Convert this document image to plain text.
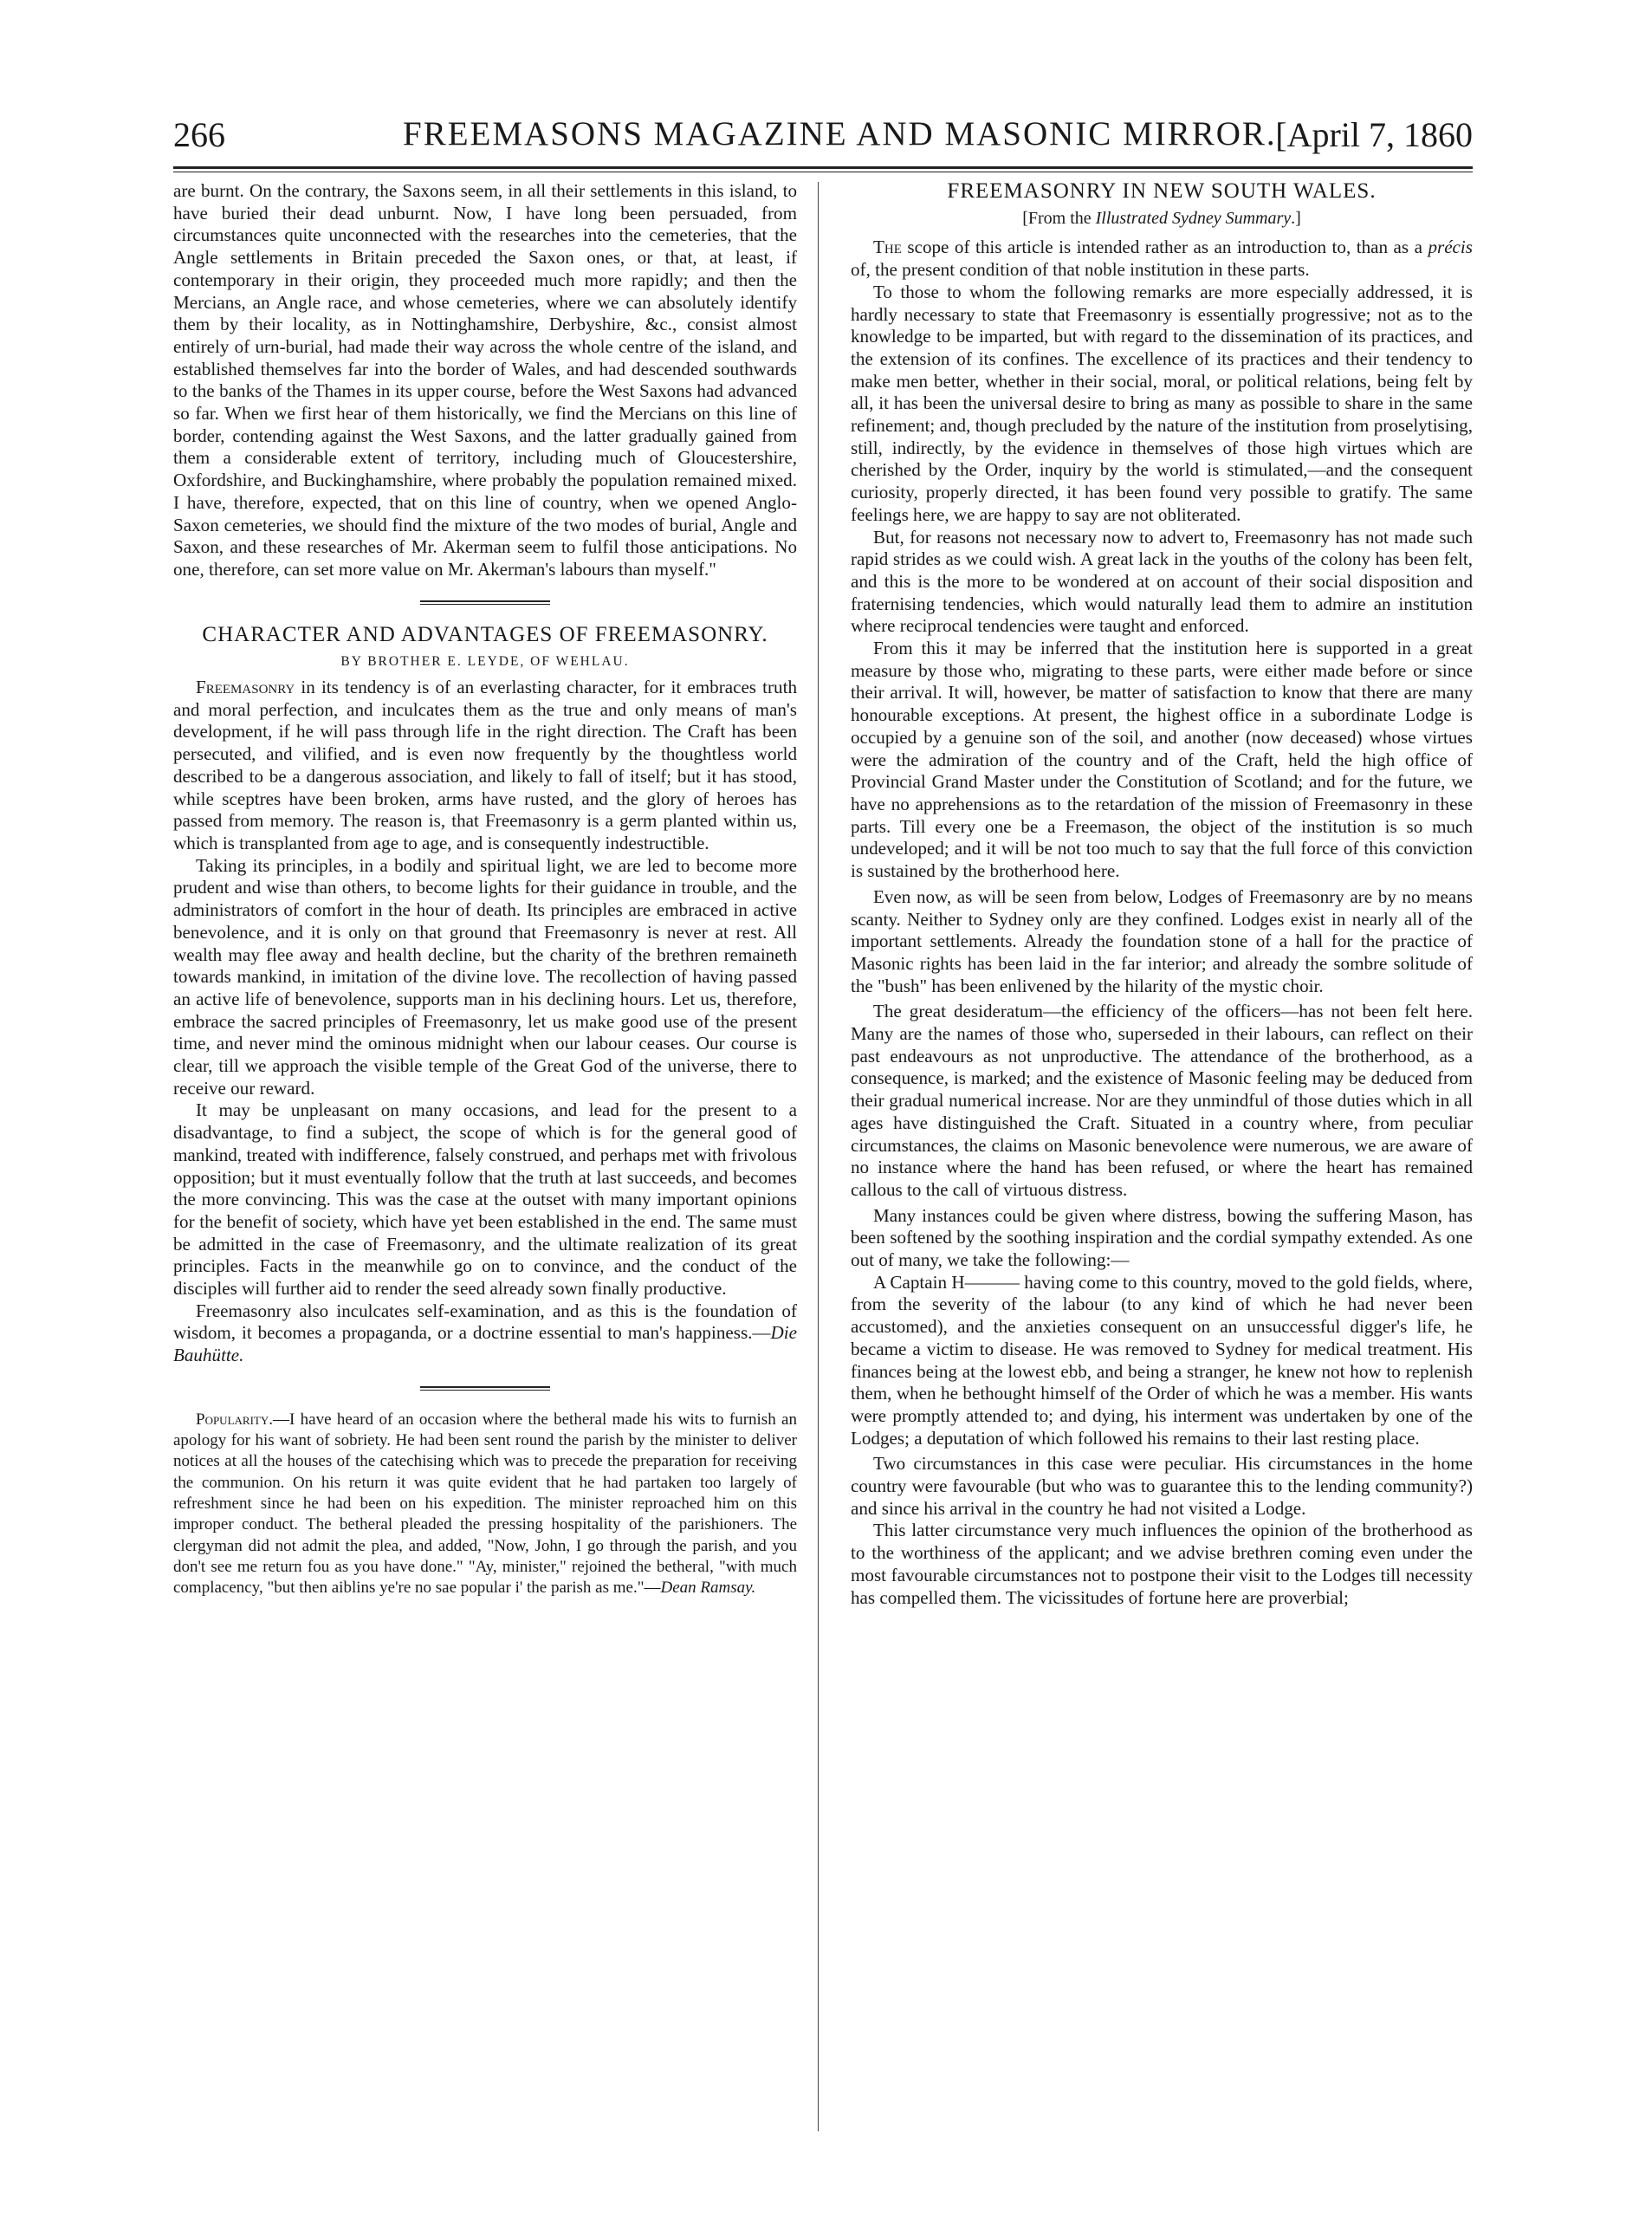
266	FREEMASONS MAGAZINE AND MASONIC MIRROR.
[April 7, 1860

are burnt. On the contrary, the Saxons seem, in all their settlements in this island, to have buried their dead unburnt. Now, I have long been persuaded, from circumstances quite unconnected with the researches into the cemeteries, that the Angle settlements in Britain preceded the Saxon ones, or that, at least, if contemporary in their origin, they proceeded much more rapidly; and then the Mercians, an Angle race, and whose cemeteries, where we can absolutely identify them by their locality, as in Nottinghamshire, Derbyshire, &c., consist almost entirely of urn-burial, had made their way across the whole centre of the island, and established themselves far into the border of Wales, and had descended southwards to the banks of the Thames in its upper course, before the West Saxons had advanced so far. When we first hear of them historically, we find the Mercians on this line of border, contending against the West Saxons, and the latter gradually gained from them a considerable extent of territory, including much of Gloucestershire, Oxfordshire, and Buckinghamshire, where probably the population remained mixed. I have, therefore, expected, that on this line of country, when we opened Anglo-Saxon cemeteries, we should find the mixture of the two modes of burial, Angle and Saxon, and these researches of Mr. Akerman seem to fulfil those anticipations. No one, therefore, can set more value on Mr. Akerman's labours than myself."

CHARACTER AND ADVANTAGES OF FREEMASONRY.
BY BROTHER E. LEYDE, OF WEHLAU.

Freemasonry in its tendency is of an everlasting character, for it embraces truth and moral perfection, and inculcates them as the true and only means of man's development, if he will pass through life in the right direction. The Craft has been persecuted, and vilified, and is even now frequently by the thoughtless world described to be a dangerous association, and likely to fall of itself; but it has stood, while sceptres have been broken, arms have rusted, and the glory of heroes has passed from memory. The reason is, that Freemasonry is a germ planted within us, which is transplanted from age to age, and is consequently indestructible.

Taking its principles, in a bodily and spiritual light, we are led to become more prudent and wise than others, to become lights for their guidance in trouble, and the administrators of comfort in the hour of death. Its principles are embraced in active benevolence, and it is only on that ground that Freemasonry is never at rest. All wealth may flee away and health decline, but the charity of the brethren remaineth towards mankind, in imitation of the divine love. The recollection of having passed an active life of benevolence, supports man in his declining hours. Let us, therefore, embrace the sacred principles of Freemasonry, let us make good use of the present time, and never mind the ominous midnight when our labour ceases. Our course is clear, till we approach the visible temple of the Great God of the universe, there to receive our reward.

It may be unpleasant on many occasions, and lead for the present to a disadvantage, to find a subject, the scope of which is for the general good of mankind, treated with indifference, falsely construed, and perhaps met with frivolous opposition; but it must eventually follow that the truth at last succeeds, and becomes the more convincing. This was the case at the outset with many important opinions for the benefit of society, which have yet been established in the end. The same must be admitted in the case of Freemasonry, and the ultimate realization of its great principles. Facts in the meanwhile go on to convince, and the conduct of the disciples will further aid to render the seed already sown finally productive.

Freemasonry also inculcates self-examination, and as this is the foundation of wisdom, it becomes a propaganda, or a doctrine essential to man's happiness.—Die Bauhütte.

Popularity.—I have heard of an occasion where the betheral made his wits to furnish an apology for his want of sobriety. He had been sent round the parish by the minister to deliver notices at all the houses of the catechising which was to precede the preparation for receiving the communion. On his return it was quite evident that he had partaken too largely of refreshment since he had been on his expedition. The minister reproached him on this improper conduct. The betheral pleaded the pressing hospitality of the parishioners. The clergyman did not admit the plea, and added, "Now, John, I go through the parish, and you don't see me return fou as you have done." "Ay, minister," rejoined the betheral, "with much complacency, "but then aiblins ye're no sae popular i' the parish as me."—Dean Ramsay.

FREEMASONRY IN NEW SOUTH WALES.
[From the Illustrated Sydney Summary.]

The scope of this article is intended rather as an introduction to, than as a précis of, the present condition of that noble institution in these parts.

To those to whom the following remarks are more especially addressed, it is hardly necessary to state that Freemasonry is essentially progressive; not as to the knowledge to be imparted, but with regard to the dissemination of its practices, and the extension of its confines. The excellence of its practices and their tendency to make men better, whether in their social, moral, or political relations, being felt by all, it has been the universal desire to bring as many as possible to share in the same refinement; and, though precluded by the nature of the institution from proselytising, still, indirectly, by the evidence in themselves of those high virtues which are cherished by the Order, inquiry by the world is stimulated,—and the consequent curiosity, properly directed, it has been found very possible to gratify. The same feelings here, we are happy to say are not obliterated.

But, for reasons not necessary now to advert to, Freemasonry has not made such rapid strides as we could wish. A great lack in the youths of the colony has been felt, and this is the more to be wondered at on account of their social disposition and fraternising tendencies, which would naturally lead them to admire an institution where reciprocal tendencies were taught and enforced.

From this it may be inferred that the institution here is supported in a great measure by those who, migrating to these parts, were either made before or since their arrival. It will, however, be matter of satisfaction to know that there are many honourable exceptions. At present, the highest office in a subordinate Lodge is occupied by a genuine son of the soil, and another (now deceased) whose virtues were the admiration of the country and of the Craft, held the high office of Provincial Grand Master under the Constitution of Scotland; and for the future, we have no apprehensions as to the retardation of the mission of Freemasonry in these parts. Till every one be a Freemason, the object of the institution is so much undeveloped; and it will be not too much to say that the full force of this conviction is sustained by the brotherhood here.

Even now, as will be seen from below, Lodges of Freemasonry are by no means scanty. Neither to Sydney only are they confined. Lodges exist in nearly all of the important settlements. Already the foundation stone of a hall for the practice of Masonic rights has been laid in the far interior; and already the sombre solitude of the "bush" has been enlivened by the hilarity of the mystic choir.

The great desideratum—the efficiency of the officers—has not been felt here. Many are the names of those who, superseded in their labours, can reflect on their past endeavours as not unproductive. The attendance of the brotherhood, as a consequence, is marked; and the existence of Masonic feeling may be deduced from their gradual numerical increase. Nor are they unmindful of those duties which in all ages have distinguished the Craft. Situated in a country where, from peculiar circumstances, the claims on Masonic benevolence were numerous, we are aware of no instance where the hand has been refused, or where the heart has remained callous to the call of virtuous distress.

Many instances could be given where distress, bowing the suffering Mason, has been softened by the soothing inspiration and the cordial sympathy extended. As one out of many, we take the following:—

A Captain H——— having come to this country, moved to the gold fields, where, from the severity of the labour (to any kind of which he had never been accustomed), and the anxieties consequent on an unsuccessful digger's life, he became a victim to disease. He was removed to Sydney for medical treatment. His finances being at the lowest ebb, and being a stranger, he knew not how to replenish them, when he bethought himself of the Order of which he was a member. His wants were promptly attended to; and dying, his interment was undertaken by one of the Lodges; a deputation of which followed his remains to their last resting place.

Two circumstances in this case were peculiar. His circumstances in the home country were favourable (but who was to guarantee this to the lending community?) and since his arrival in the country he had not visited a Lodge.

This latter circumstance very much influences the opinion of the brotherhood as to the worthiness of the applicant; and we advise brethren coming even under the most favourable circumstances not to postpone their visit to the Lodges till necessity has compelled them. The vicissitudes of fortune here are proverbial;
